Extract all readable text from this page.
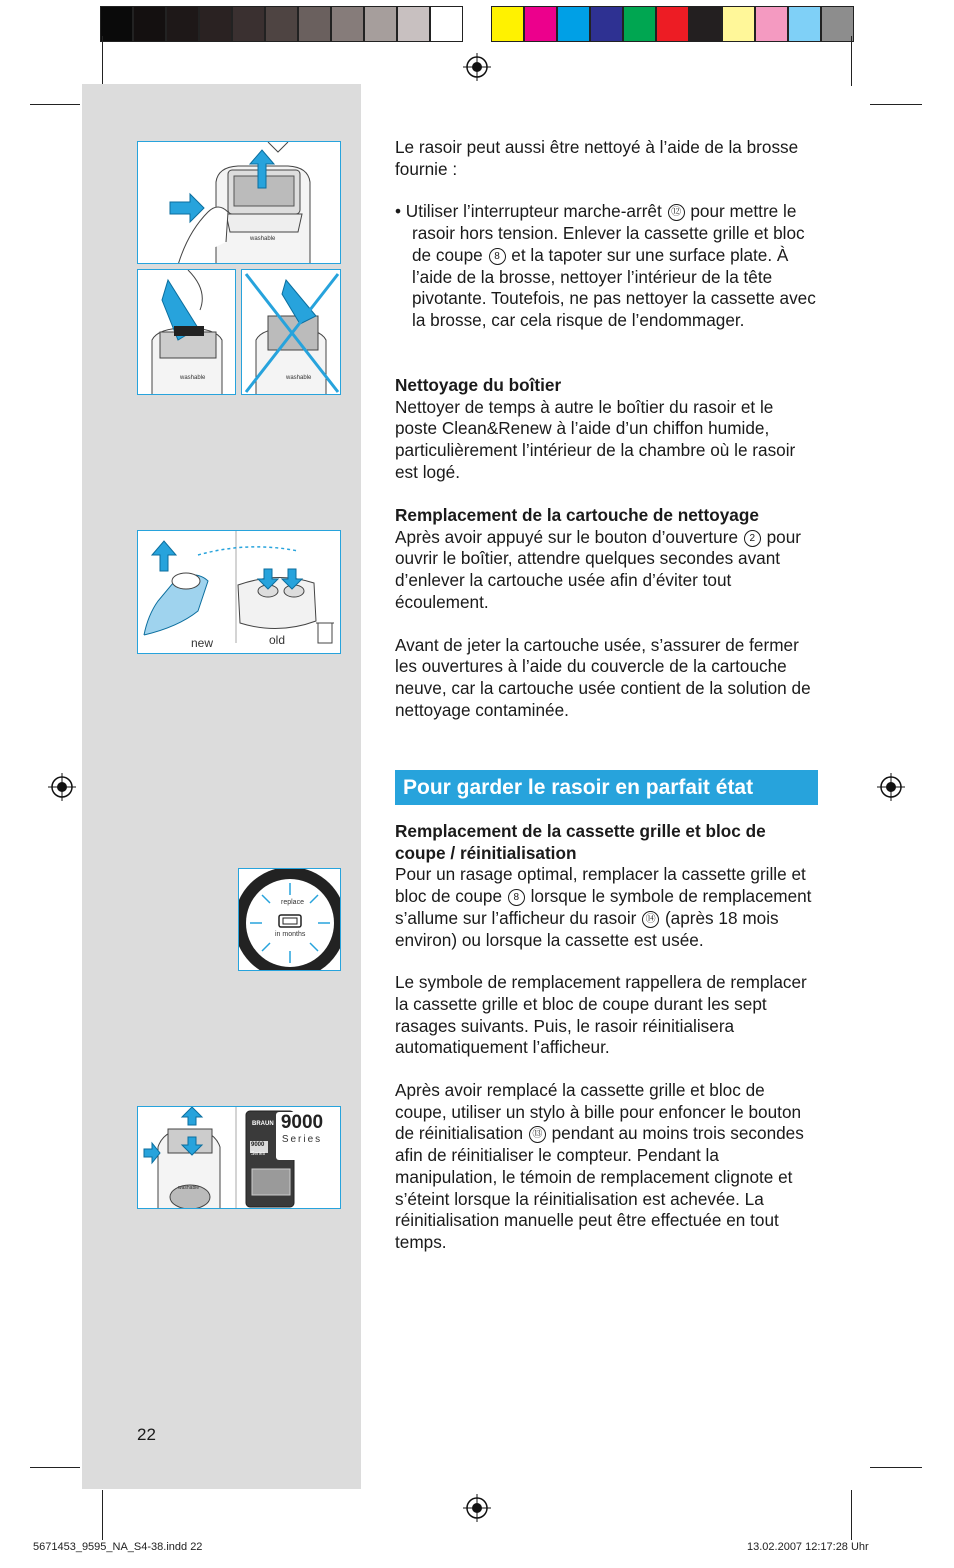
washable
washable	washable
new	old
replace
in months
BRAUN
9000
Series
washable
9000
Series

Le rasoir peut aussi être nettoyé à l’aide de la brosse fournie :

• Utiliser l’interrupteur marche-arrêt ⑫ pour mettre le rasoir hors tension. Enlever la cassette grille et bloc de coupe 8 et la tapoter sur une surface plate. À l’aide de la brosse, nettoyer l’intérieur de la tête pivotante. Toutefois, ne pas nettoyer la cassette avec la brosse, car cela risque de l’endommager.

Nettoyage du boîtier

Nettoyer de temps à autre le boîtier du rasoir et le poste Clean&Renew à l’aide d’un chiffon humide, particulièrement l’intérieur de la chambre où le rasoir est logé.

Remplacement de la cartouche de nettoyage

Après avoir appuyé sur le bouton d’ouverture 2 pour ouvrir le boîtier, attendre quelques secondes avant d’enlever la cartouche usée afin d’éviter tout écoulement.

Avant de jeter la cartouche usée, s’assurer de fermer les ouvertures à l’aide du couvercle de la cartouche neuve, car la cartouche usée contient de la solution de nettoyage contaminée.

Pour garder le rasoir en parfait état

Remplacement de la cassette grille et bloc de coupe / réinitialisation

Pour un rasage optimal, remplacer la cassette grille et bloc de coupe 8 lorsque le symbole de remplacement s’allume sur l’afficheur du rasoir ⑭ (après 18 mois environ) ou lorsque la cassette est usée.

Le symbole de remplacement rappellera de remplacer la cassette grille et bloc de coupe durant les sept rasages suivants. Puis, le rasoir réinitialisera automatiquement l’afficheur.

Après avoir remplacé la cassette grille et bloc de coupe, utiliser un stylo à bille pour enfoncer le bouton de réinitialisation ⑬ pendant au moins trois secondes afin de réinitialiser le compteur. Pendant la manipulation, le témoin de remplacement clignote et s’éteint lorsque la réinitialisation est achevée. La réinitialisation manuelle peut être effectuée en tout temps.

22
5671453_9595_NA_S4-38.indd 22	13.02.2007 12:17:28 Uhr
